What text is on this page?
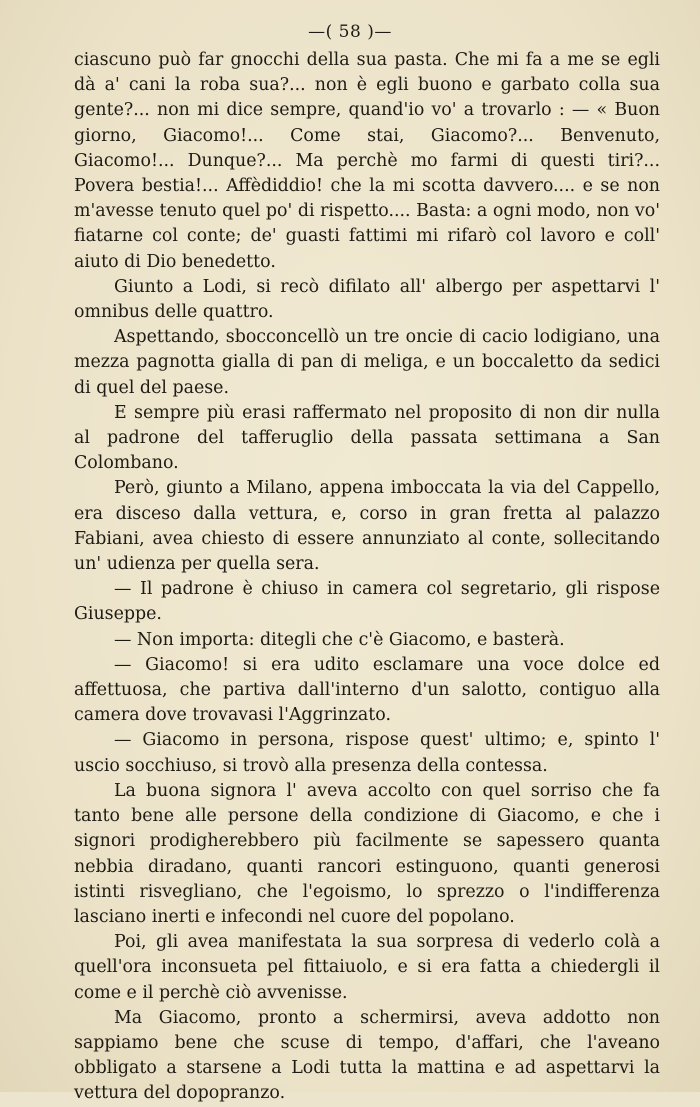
—( 58 )—

ciascuno può far gnocchi della sua pasta. Che mi fa a me se egli dà a' cani la roba sua?... non è egli buono e garbato colla sua gente?... non mi dice sempre, quand'io vo' a trovarlo : — « Buon giorno, Giacomo!... Come stai, Giacomo?... Benvenuto, Giacomo!... Dunque?... Ma perchè mo farmi di questi tiri?... Povera bestia!... Affèdiddio! che la mi scotta davvero.... e se non m'avesse tenuto quel po' di rispetto.... Basta: a ogni modo, non vo' fiatarne col conte; de' guasti fattimi mi rifarò col lavoro e coll' aiuto di Dio benedetto.

Giunto a Lodi, si recò difilato all' albergo per aspettarvi l' omnibus delle quattro.

Aspettando, sbocconcellò un tre oncie di cacio lodigiano, una mezza pagnotta gialla di pan di meliga, e un boccaletto da sedici di quel del paese.

E sempre più erasi raffermato nel proposito di non dir nulla al padrone del tafferuglio della passata settimana a San Colombano.

Però, giunto a Milano, appena imboccata la via del Cappello, era disceso dalla vettura, e, corso in gran fretta al palazzo Fabiani, avea chiesto di essere annunziato al conte, sollecitando un' udienza per quella sera.

— Il padrone è chiuso in camera col segretario, gli rispose Giuseppe.

— Non importa: ditegli che c'è Giacomo, e basterà.

— Giacomo! si era udito esclamare una voce dolce ed affettuosa, che partiva dall'interno d'un salotto, contiguo alla camera dove trovavasi l'Aggrinzato.

— Giacomo in persona, rispose quest' ultimo; e, spinto l' uscio socchiuso, si trovò alla presenza della contessa.

La buona signora l' aveva accolto con quel sorriso che fa tanto bene alle persone della condizione di Giacomo, e che i signori prodigherebbero più facilmente se sapessero quanta nebbia diradano, quanti rancori estinguono, quanti generosi istinti risvegliano, che l'egoismo, lo sprezzo o l'indifferenza lasciano inerti e infecondi nel cuore del popolano.

Poi, gli avea manifestata la sua sorpresa di vederlo colà a quell'ora inconsueta pel fittaiuolo, e si era fatta a chiedergli il come e il perchè ciò avvenisse.

Ma Giacomo, pronto a schermirsi, aveva addotto non sappiamo bene che scuse di tempo, d'affari, che l'aveano obbligato a starsene a Lodi tutta la mattina e ad aspettarvi la vettura del dopopranzo.
